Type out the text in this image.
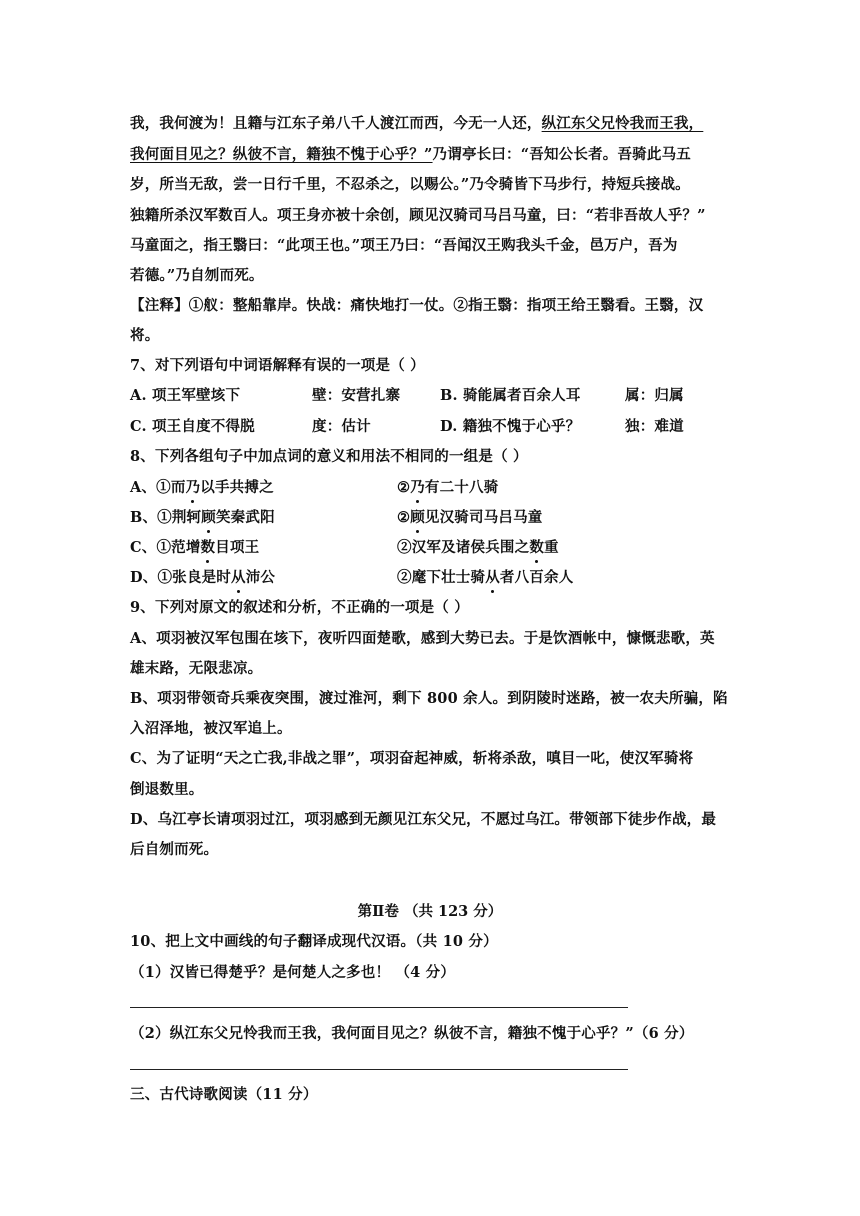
我，我何渡为！且籍与江东子弟八千人渡江而西，今无一人还，纵江东父兄怜我而王我，
我何面目见之？纵彼不言，籍独不愧于心乎？”乃谓亭长曰：“吾知公长者。吾骑此马五
岁，所当无敌，尝一日行千里，不忍杀之，以赐公。”乃令骑皆下马步行，持短兵接战。
独籍所杀汉军数百人。项王身亦被十余创，顾见汉骑司马吕马童，曰：“若非吾故人乎？”
马童面之，指王翳曰：“此项王也。”项王乃曰：“吾闻汉王购我头千金，邑万户，吾为
若德。”乃自刎而死。
【注释】①舣：整船靠岸。快战：痛快地打一仗。②指王翳：指项王给王翳看。王翳，汉
将。
7、对下列语句中词语解释有误的一项是（ ）
A. 项王军壁垓下	壁：安营扎寨	B. 骑能属者百余人耳	属：归属
C. 项王自度不得脱	度：估计	D. 籍独不愧于心乎？	独：难道
8、下列各组句子中加点词的意义和用法不相同的一组是（ ）
A、①而乃以手共搏之	②乃有二十八骑
B、①荆轲顾笑秦武阳	②顾见汉骑司马吕马童
C、①范增数目项王	②汉军及诸侯兵围之数重
D、①张良是时从沛公	②麾下壮士骑从者八百余人
9、下列对原文的叙述和分析，不正确的一项是（ ）
A、项羽被汉军包围在垓下，夜听四面楚歌，感到大势已去。于是饮酒帐中，慷慨悲歌，英
雄末路，无限悲凉。
B、项羽带领奇兵乘夜突围，渡过淮河，剩下 800 余人。到阴陵时迷路，被一农夫所骗，陷
入沼泽地，被汉军追上。
C、为了证明“天之亡我,非战之罪”，项羽奋起神威，斩将杀敌，嗔目一叱，使汉军骑将
倒退数里。
D、乌江亭长请项羽过江，项羽感到无颜见江东父兄，不愿过乌江。带领部下徒步作战，最
后自刎而死。
第Ⅱ卷 （共 123 分）
10、把上文中画线的句子翻译成现代汉语。（共 10 分）
（1）汉皆已得楚乎？是何楚人之多也！ （4 分）
（2）纵江东父兄怜我而王我，我何面目见之？纵彼不言，籍独不愧于心乎？”（6 分）
三、古代诗歌阅读（11 分）
